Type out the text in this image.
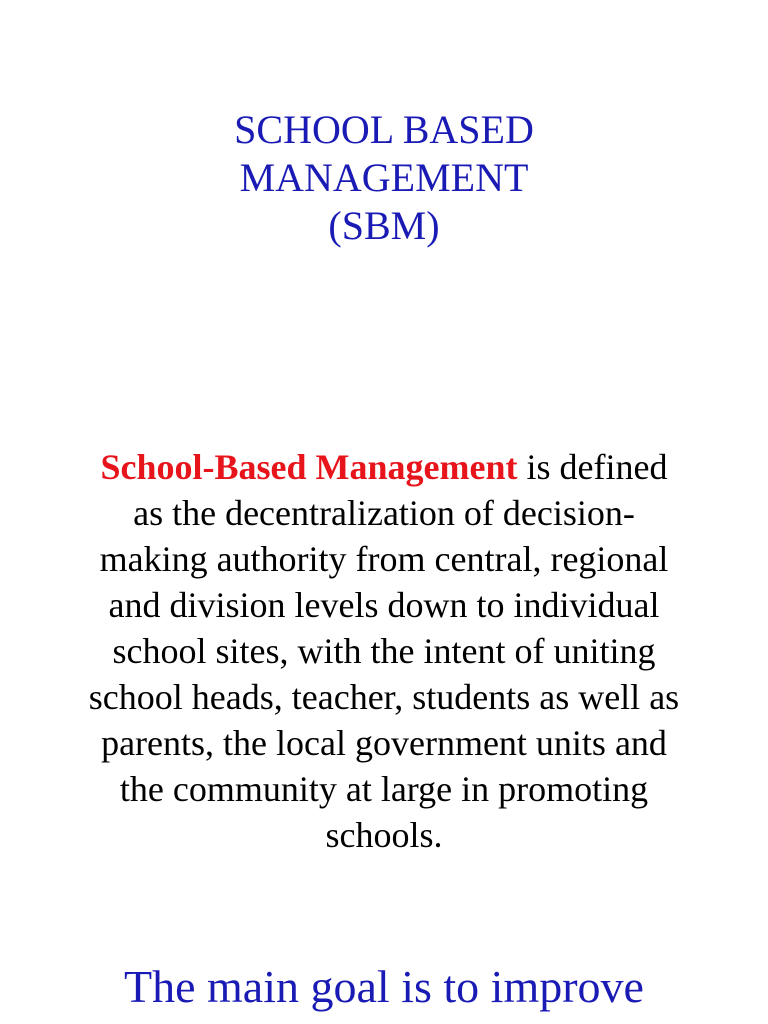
SCHOOL BASED
MANAGEMENT
(SBM)

School-Based Management is defined
as the decentralization of decision-
making authority from central, regional
and division levels down to individual
school sites, with the intent of uniting
school heads, teacher, students as well as
parents, the local government units and
the community at large in promoting
schools.

The main goal is to improve
